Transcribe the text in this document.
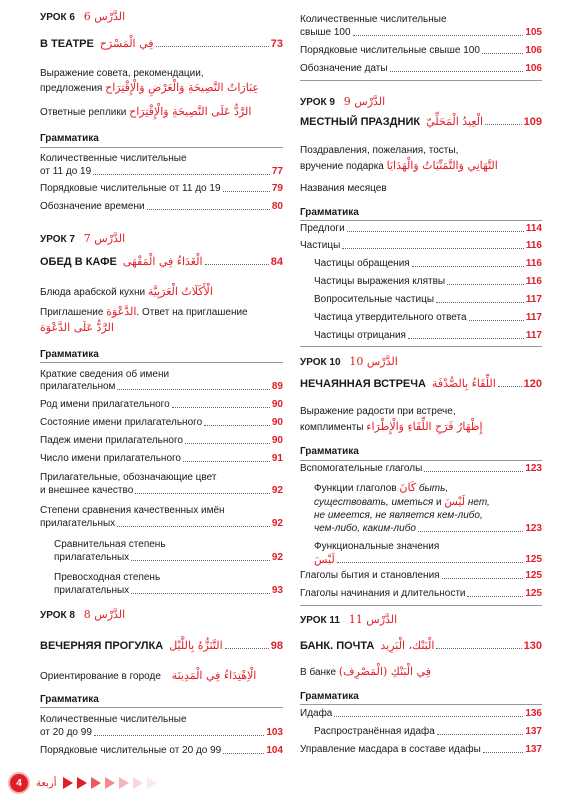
УРОК 6 6 الدَّرْس
В ТЕАТРЕ فِي الْمَسْرَح	73
Выражение совета, рекомендации,
предложения عِبَارَاتُ النَّصِيحَةِ وَالْعَرْضِ وَالْإِقْتِرَاح
Ответные реплики الرَّدُّ عَلَى النَّصِيحَةِ وَالْإِقْتِرَاح
Грамматика
Количественные числительные
от 11 до 19	77
Порядковые числительные от 11 до 19	79
Обозначение времени	80
УРОК 7 7 الدَّرْس
ОБЕД В КАФЕ الْغَدَاءُ فِي الْمَقْهَى	84
Блюда арабской кухни الْأَكَلَاتُ الْعَرَبِيَّة
Приглашение الدَّعْوَة. Ответ на приглашение
الرَّدُّ عَلَى الدَّعْوَة
Грамматика
Краткие сведения об имени
прилагательном	89
Род имени прилагательного	90
Состояние имени прилагательного	90
Падеж имени прилагательного	90
Число имени прилагательного	91
Прилагательные, обозначающие цвет
и внешнее качество	92
Степени сравнения качественных имён
прилагательных	92
Сравнительная степень
прилагательных	92
Превосходная степень
прилагательных	93
УРОК 8 8 الدَّرْس
ВЕЧЕРНЯЯ ПРОГУЛКА التَّنَزُّهُ بِاللَّيْل	98
Ориентирование в городе الْاِهْتِدَاءُ فِي الْمَدِينَة
Грамматика
Количественные числительные
от 20 до 99	103
Порядковые числительные от 20 до 99	104
Количественные числительные
свыше 100	105
Порядковые числительные свыше 100	106
Обозначение даты	106
УРОК 9 9 الدَّرْس
МЕСТНЫЙ ПРАЗДНИК الْعِيدُ الْمَحَلِّيّ	109
Поздравления, пожелания, тосты,
вручение подарка التَّهَانِي وَالتَّمَنِّيَاتُ وَالْهَدَايَا
Названия месяцев
Грамматика
Предлоги	114
Частицы	116
Частицы обращения	116
Частицы выражения клятвы	116
Вопросительные частицы	117
Частица утвердительного ответа	117
Частицы отрицания	117
УРОК 10 10 الدَّرْس
НЕЧАЯННАЯ ВСТРЕЧА اللِّقَاءُ بِالصُّدْفَة	120
Выражение радости при встрече,
комплименты إِظْهَارُ فَرَحِ اللِّقَاءِ وَالْإِطْرَاء
Грамматика
Вспомогательные глаголы	123
Функции глаголов كَانَ быть,
существовать, иметься и لَيْسَ нет,
не имеется, не является кем-либо,
чем-либо, каким-либо	123
Функциональные значения
لَيْسَ	125
Глаголы бытия и становления	125
Глаголы начинания и длительности	125
УРОК 11 11 الدَّرْس
БАНК. ПОЧТА الْبَنْك، الْبَرِيد	130
В банке فِي الْبَنْكِ (الْمَصْرِف)
Грамматика
Идафа	136
Распространённая идафа	137
Управление масдара в составе идафы	137
4 أربعة
